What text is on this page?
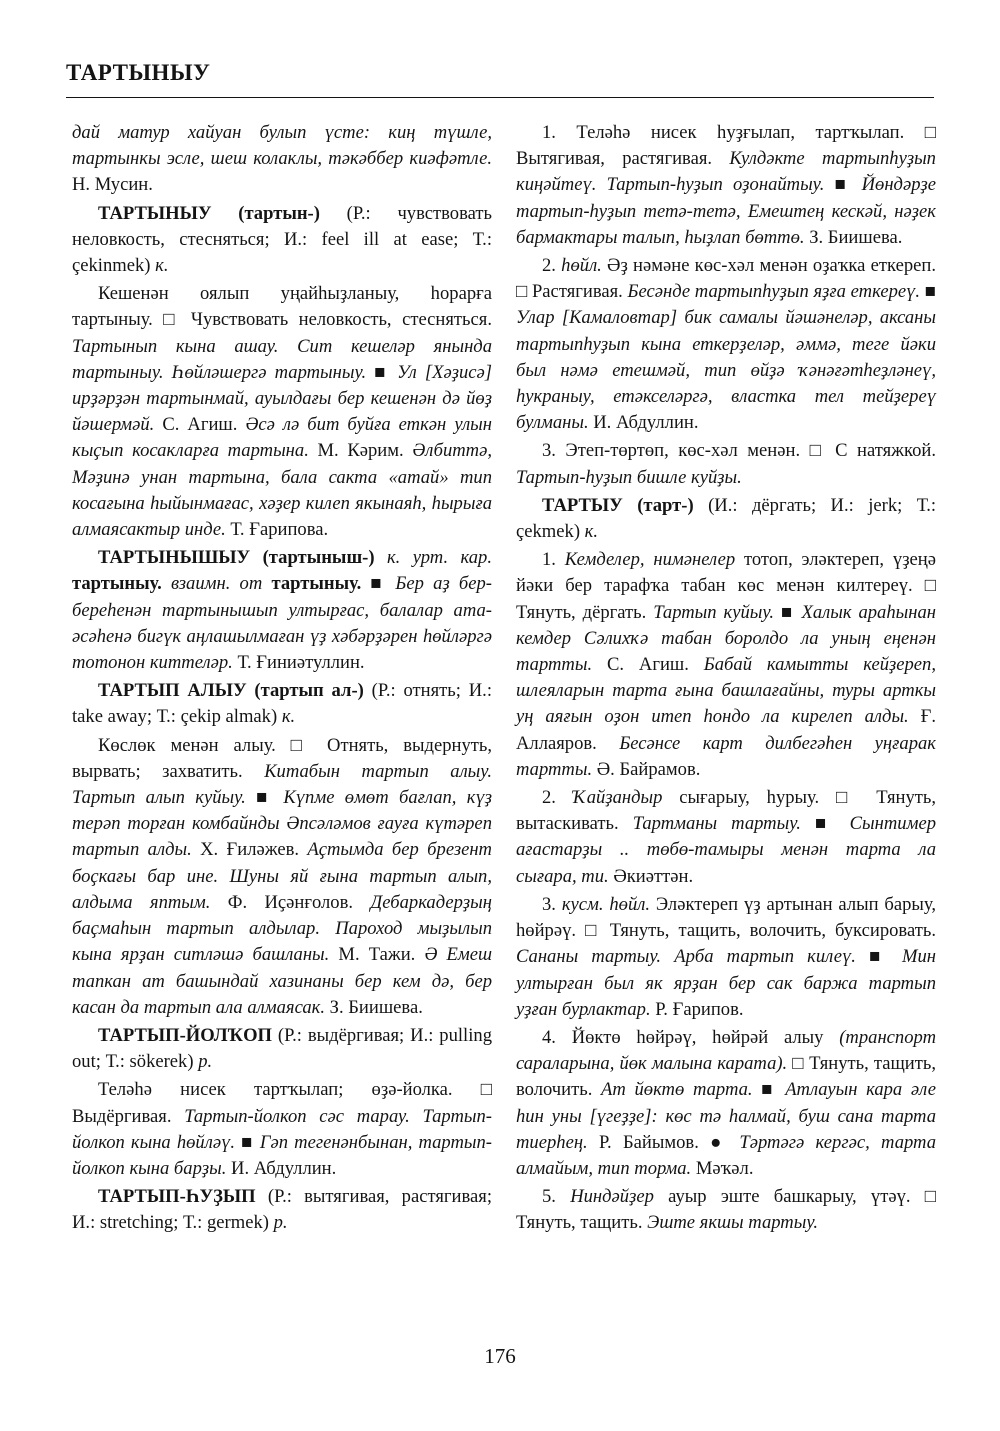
ТАРТЫНЫУ

дай матур хайуан булып үсте: киң түшле, тартынкы эсле, шеш колаклы, тәкәббер киәфәтле. Н. Мусин.

ТАРТЫНЫУ (тартын-) (Р.: чувствовать неловкость, стесняться; И.: feel ill at ease; Т.: çekinmek) к.

Кешенән оялып уңайһыҙланыу, һорарға тартыныу. □ Чувствовать неловкость, стесняться. Тартынып кына ашау. Сит кешеләр янында тартыныу. Һөйләшергә тартыныу. ■ Ул [Хәҙисә] ирҙәрҙән тартынмай, ауылдағы бер кешенән дә йөҙ йәшермәй. С. Агиш. Әсә лә бит буйға еткән улын кыҫып косакларға тартына. М. Кәрим. Әлбиттә, Мәҙинә унан тартына, бала сакта «атай» тип косағына һыйынмағас, хәҙер килеп якынаяһ, һырыға алмаясактыр инде. Т. Ғарипова.

ТАРТЫНЫШЫУ (тартыныш-) к. урт. кар. тартыныу. взаимн. от тартыныу. ■ Бер аҙ бер-береһенән тартынышып ултырғас, балалар ата-әсәһенә бигүк аңлашылмаған үҙ хәбәрҙәрен һөйләргә тотонон киттеләр. Т. Ғиниәтуллин.

ТАРТЫП АЛЫУ (тартып ал-) (Р.: отнять; И.: take away; Т.: çekip almak) к.

Көслөк менән алыу. □ Отнять, выдернуть, вырвать; захватить. Китабын тартып алыу. Тартып алып куйыу. ■ Күпме өмөт бағлап, күҙ терәп торған комбайнды Әпсәләмов ғауға күтәреп тартып алды. Х. Ғиләжев. Аҫтымда бер брезент боҫкағы бар ине. Шуны яй ғына тартып алып, алдыма яптым. Ф. Иҫәнғолов. Дебаркадерҙың баҫмаһын тартып алдылар. Пароход мыҙылып кына ярҙан ситләшә башланы. М. Тажи. Ә Емеш тапкан ат башындай хазинаны бер кем дә, бер касан да тартып ала алмаясак. З. Биишева.

ТАРТЫП-ЙОЛҠОП (Р.: выдёргивая; И.: pulling out; Т.: sökerek) р.

Теләһә нисек тартҡылап; өҙә-йолка. □ Выдёргивая. Тартып-йолкоп сәс тарау. Тартып-йолкоп кына һөйләү. ■ Гәп тегенәнбынан, тартып-йолкоп кына барҙы. И. Абдуллин.

ТАРТЫП-ҺУҘЫП (Р.: вытягивая, растягивая; И.: stretching; Т.: germek) р.

1. Теләһә нисек һуҙғылап, тартҡылап. □ Вытягивая, растягивая. Кулдәкте тартыпһуҙып киңәйтеү. Тартып-һуҙып оҙонайтыу. ■ Йөндәрҙе тартып-һуҙып тетә-тетә, Емештең кескәй, нәҙек бармактары талып, һыҙлап бөттө. З. Биишева.

2. һөйл. Әҙ нәмәне көс-хәл менән оҙаҡка еткереп. □ Растягивая. Бесәнде тартыпһуҙып яҙға еткереү. ■ Улар [Камаловтар] бик самалы йәшәнеләр, аксаны тартыпһуҙып кына еткерҙеләр, әммә, теге йәки был нәмә етешмәй, тип өйҙә ҡәнәғәтһеҙләнеү, һукраныу, етәкселәргә, властка тел тейҙереү булманы. И. Абдуллин.

3. Этеп-төртөп, көс-хәл менән. □ С натяжкой. Тартып-һуҙып бишле куйҙы.

ТАРТЫУ (тарт-) (И.: дёргать; И.: jerk; Т.: çekmek) к.

1. Кемделер, нимәнелер тотоп, эләктереп, үҙеңә йәки бер тарафҡа табан көс менән килтереү. □ Тянуть, дёргать. Тартып куйыу. ■ Халык араһынан кемдер Сәлихҡә табан боролдо ла уның еңенән тартты. С. Агиш. Бабай камытты кейҙереп, шлеяларын тарта ғына башлағайны, туры арткы уң аяғын оҙон итеп һондо ла кирелеп алды. Ғ. Аллаяров. Бесәнсе карт дилбегәһен уңғарак тартты. Ә. Байрамов.

2. Ҡайҙандыр сығарыу, һурыу. □ Тянуть, вытаскивать. Тартманы тартыу. ■ Сынтимер ағастарҙы .. төбө-тамыры менән тарта ла сығара, ти. Әкиәттән.

3. кусм. һөйл. Эләктереп үҙ артынан алып барыу, һөйрәү. □ Тянуть, тащить, волочить, буксировать. Сананы тартыу. Арба тартып килеү. ■ Мин ултырған был як ярҙан бер сак баржа тартып уҙған бурлактар. Р. Ғарипов.

4. Йөктө һөйрәү, һөйрәй алыу (транспорт сараларына, йөк малына карата). □ Тянуть, тащить, волочить. Ат йөктө тарта. ■ Атлауын кара әле һин уны [үгеҙҙе]: көс тә һалмай, буш сана тарта тиерһең. Р. Байымов. ● Тәртәгә кергәс, тарта алмайым, тип торма. Мәҡәл.

5. Ниндәйҙер ауыр эште башкарыу, үтәү. □ Тянуть, тащить. Эште якшы тартыу.

176
